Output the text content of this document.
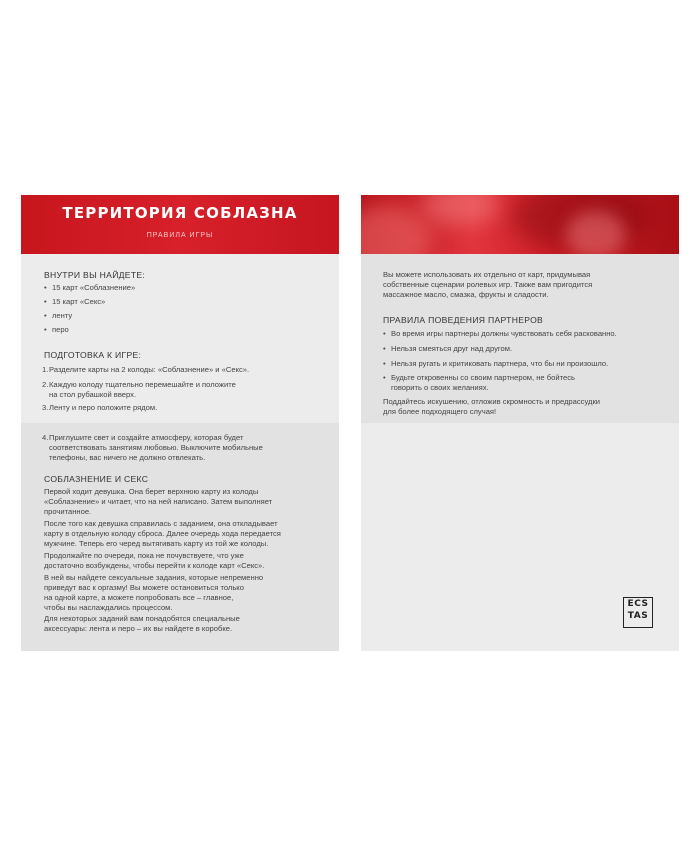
ТЕРРИТОРИЯ СОБЛАЗНА
ПРАВИЛА ИГРЫ
ВНУТРИ ВЫ НАЙДЕТЕ:
• 15 карт «Соблазнение»
• 15 карт «Секс»
• ленту
• перо
ПОДГОТОВКА К ИГРЕ:
1. Разделите карты на 2 колоды: «Соблазнение» и «Секс».
2. Каждую колоду тщательно перемешайте и положите
на стол рубашкой вверх.
3. Ленту и перо положите рядом.
4. Приглушите свет и создайте атмосферу, которая будет
соответствовать занятиям любовью. Выключите мобильные
телефоны, вас ничего не должно отвлекать.
СОБЛАЗНЕНИЕ И СЕКС
Первой ходит девушка. Она берет верхнюю карту из колоды
«Соблазнение» и читает, что на ней написано. Затем выполняет
прочитанное.
После того как девушка справилась с заданием, она откладывает
карту в отдельную колоду сброса. Далее очередь хода передается
мужчине. Теперь его черед вытягивать карту из той же колоды.
Продолжайте по очереди, пока не почувствуете, что уже
достаточно возбуждены, чтобы перейти к колоде карт «Секс».
В ней вы найдете сексуальные задания, которые непременно
приведут вас к оргазму! Вы можете остановиться только
на одной карте, а можете попробовать все – главное,
чтобы вы наслаждались процессом.
Для некоторых заданий вам понадобятся специальные
аксессуары: лента и перо – их вы найдете в коробке.
Вы можете использовать их отдельно от карт, придумывая
собственные сценарии ролевых игр. Также вам пригодится
массажное масло, смазка, фрукты и сладости.
ПРАВИЛА ПОВЕДЕНИЯ ПАРТНЕРОВ
• Во время игры партнеры должны чувствовать себя раскованно.
• Нельзя смеяться друг над другом.
• Нельзя ругать и критиковать партнера, что бы ни произошло.
• Будьте откровенны со своим партнером, не бойтесь
говорить о своих желаниях.
Поддайтесь искушению, отложив скромность и предрассудки
для более подходящего случая!
ECS
TAS
